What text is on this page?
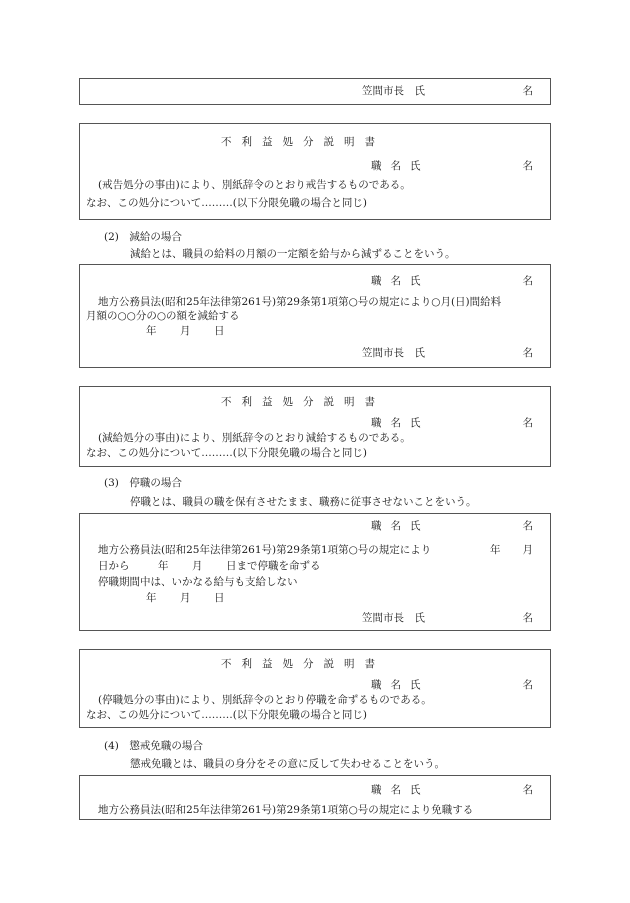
笠間市長　氏	名
不利益処分説明書
職名氏	名
(戒告処分の事由)により、別紙辞令のとおり戒告するものである。
なお、この処分について………(以下分限免職の場合と同じ)
(2)　減給の場合
減給とは、職員の給料の月額の一定額を給与から減ずることをいう。
職名氏	名
地方公務員法(昭和25年法律第261号)第29条第1項第○号の規定により○月(日)間給料
月額の○○分の○の額を減給する
年 月 日
笠間市長　氏	名
不利益処分説明書
職名氏	名
(減給処分の事由)により、別紙辞令のとおり減給するものである。
なお、この処分について………(以下分限免職の場合と同じ)
(3)　停職の場合
停職とは、職員の職を保有させたまま、職務に従事させないことをいう。
職名氏	名
地方公務員法(昭和25年法律第261号)第29条第1項第○号の規定により	年 月
日から	年 月 日まで停職を命ずる
停職期間中は、いかなる給与も支給しない
年 月 日
笠間市長　氏	名
不利益処分説明書
職名氏	名
(停職処分の事由)により、別紙辞令のとおり停職を命ずるものである。
なお、この処分について………(以下分限免職の場合と同じ)
(4)　懲戒免職の場合
懲戒免職とは、職員の身分をその意に反して失わせることをいう。
職名氏	名
地方公務員法(昭和25年法律第261号)第29条第1項第○号の規定により免職する
